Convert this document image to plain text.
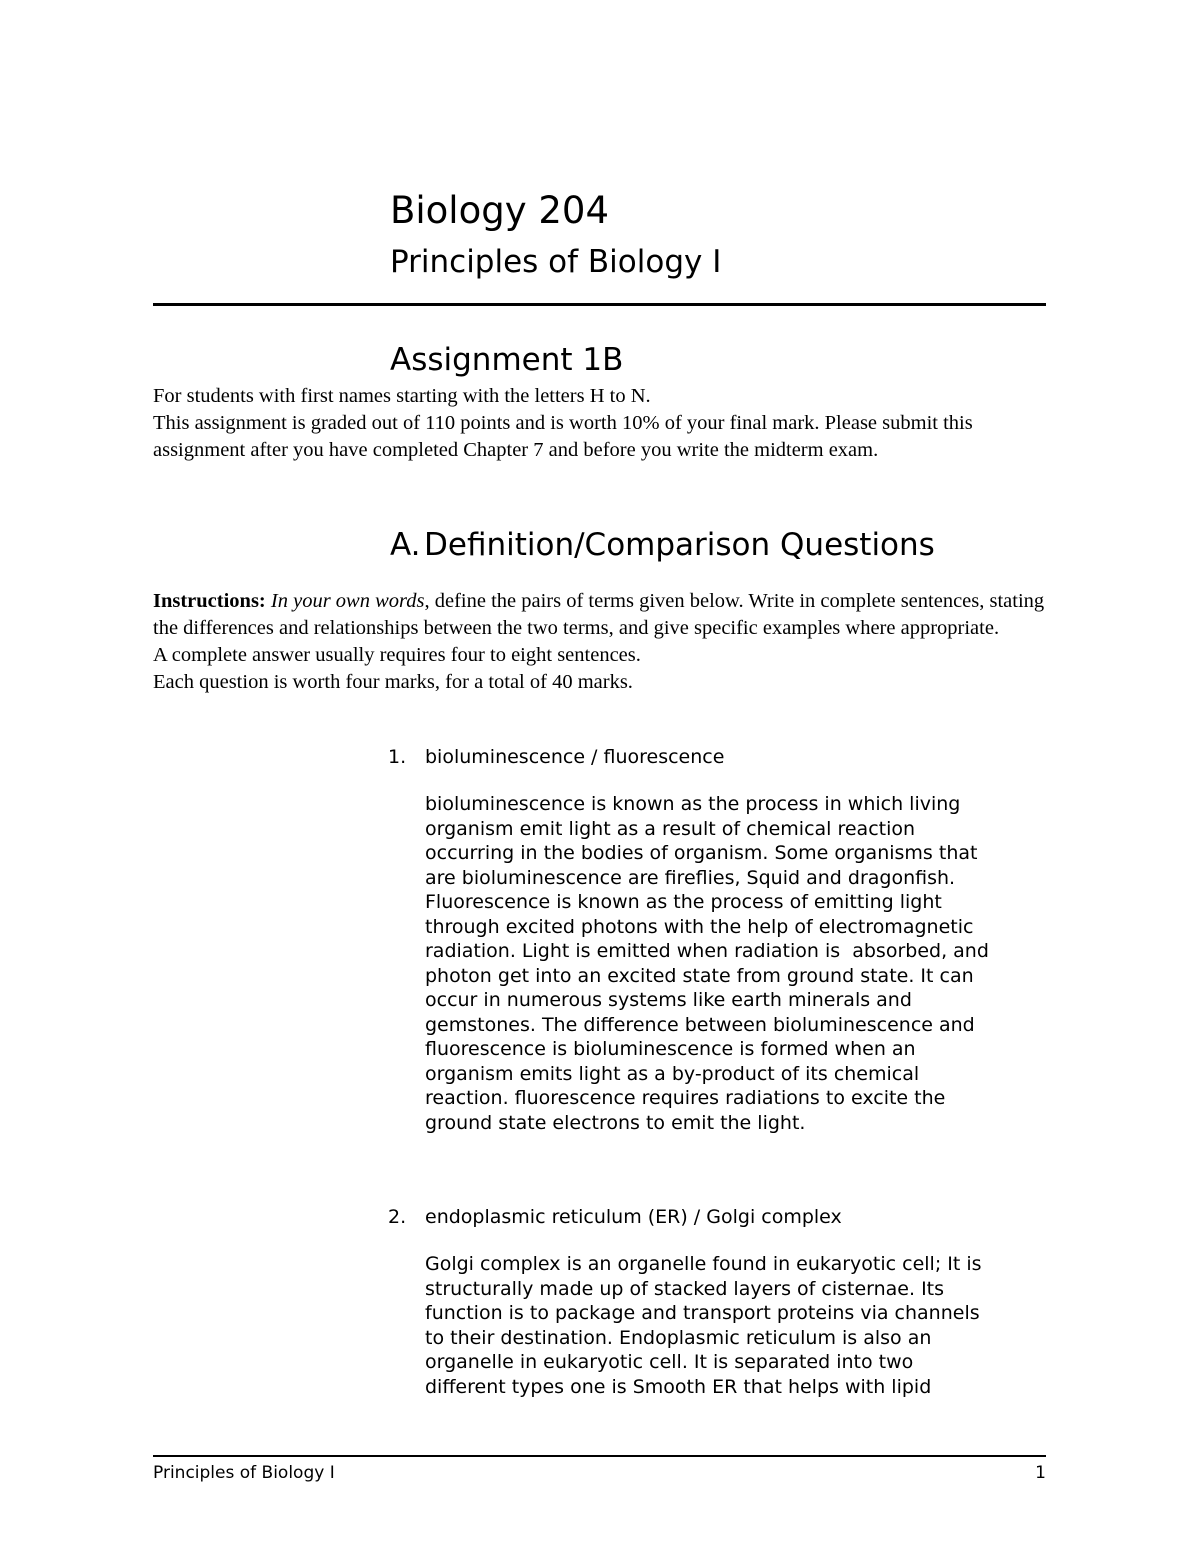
Biology 204
Principles of Biology I
Assignment 1B

For students with first names starting with the letters H to N.

This assignment is graded out of 110 points and is worth 10% of your final mark. Please submit this assignment after you have completed Chapter 7 and before you write the midterm exam.

A. Definition/Comparison Questions

Instructions: In your own words, define the pairs of terms given below. Write in complete sentences, stating the differences and relationships between the two terms, and give specific examples where appropriate.

A complete answer usually requires four to eight sentences.

Each question is worth four marks, for a total of 40 marks.

1. bioluminescence / fluorescence

bioluminescence is known as the process in which living
organism emit light as a result of chemical reaction
occurring in the bodies of organism. Some organisms that
are bioluminescence are fireflies, Squid and dragonfish.
Fluorescence is known as the process of emitting light
through excited photons with the help of electromagnetic
radiation. Light is emitted when radiation is  absorbed, and
photon get into an excited state from ground state. It can
occur in numerous systems like earth minerals and
gemstones. The difference between bioluminescence and
fluorescence is bioluminescence is formed when an
organism emits light as a by-product of its chemical
reaction. fluorescence requires radiations to excite the
ground state electrons to emit the light.

2. endoplasmic reticulum (ER) / Golgi complex

Golgi complex is an organelle found in eukaryotic cell; It is
structurally made up of stacked layers of cisternae. Its
function is to package and transport proteins via channels
to their destination. Endoplasmic reticulum is also an
organelle in eukaryotic cell. It is separated into two
different types one is Smooth ER that helps with lipid

Principles of Biology I	1
